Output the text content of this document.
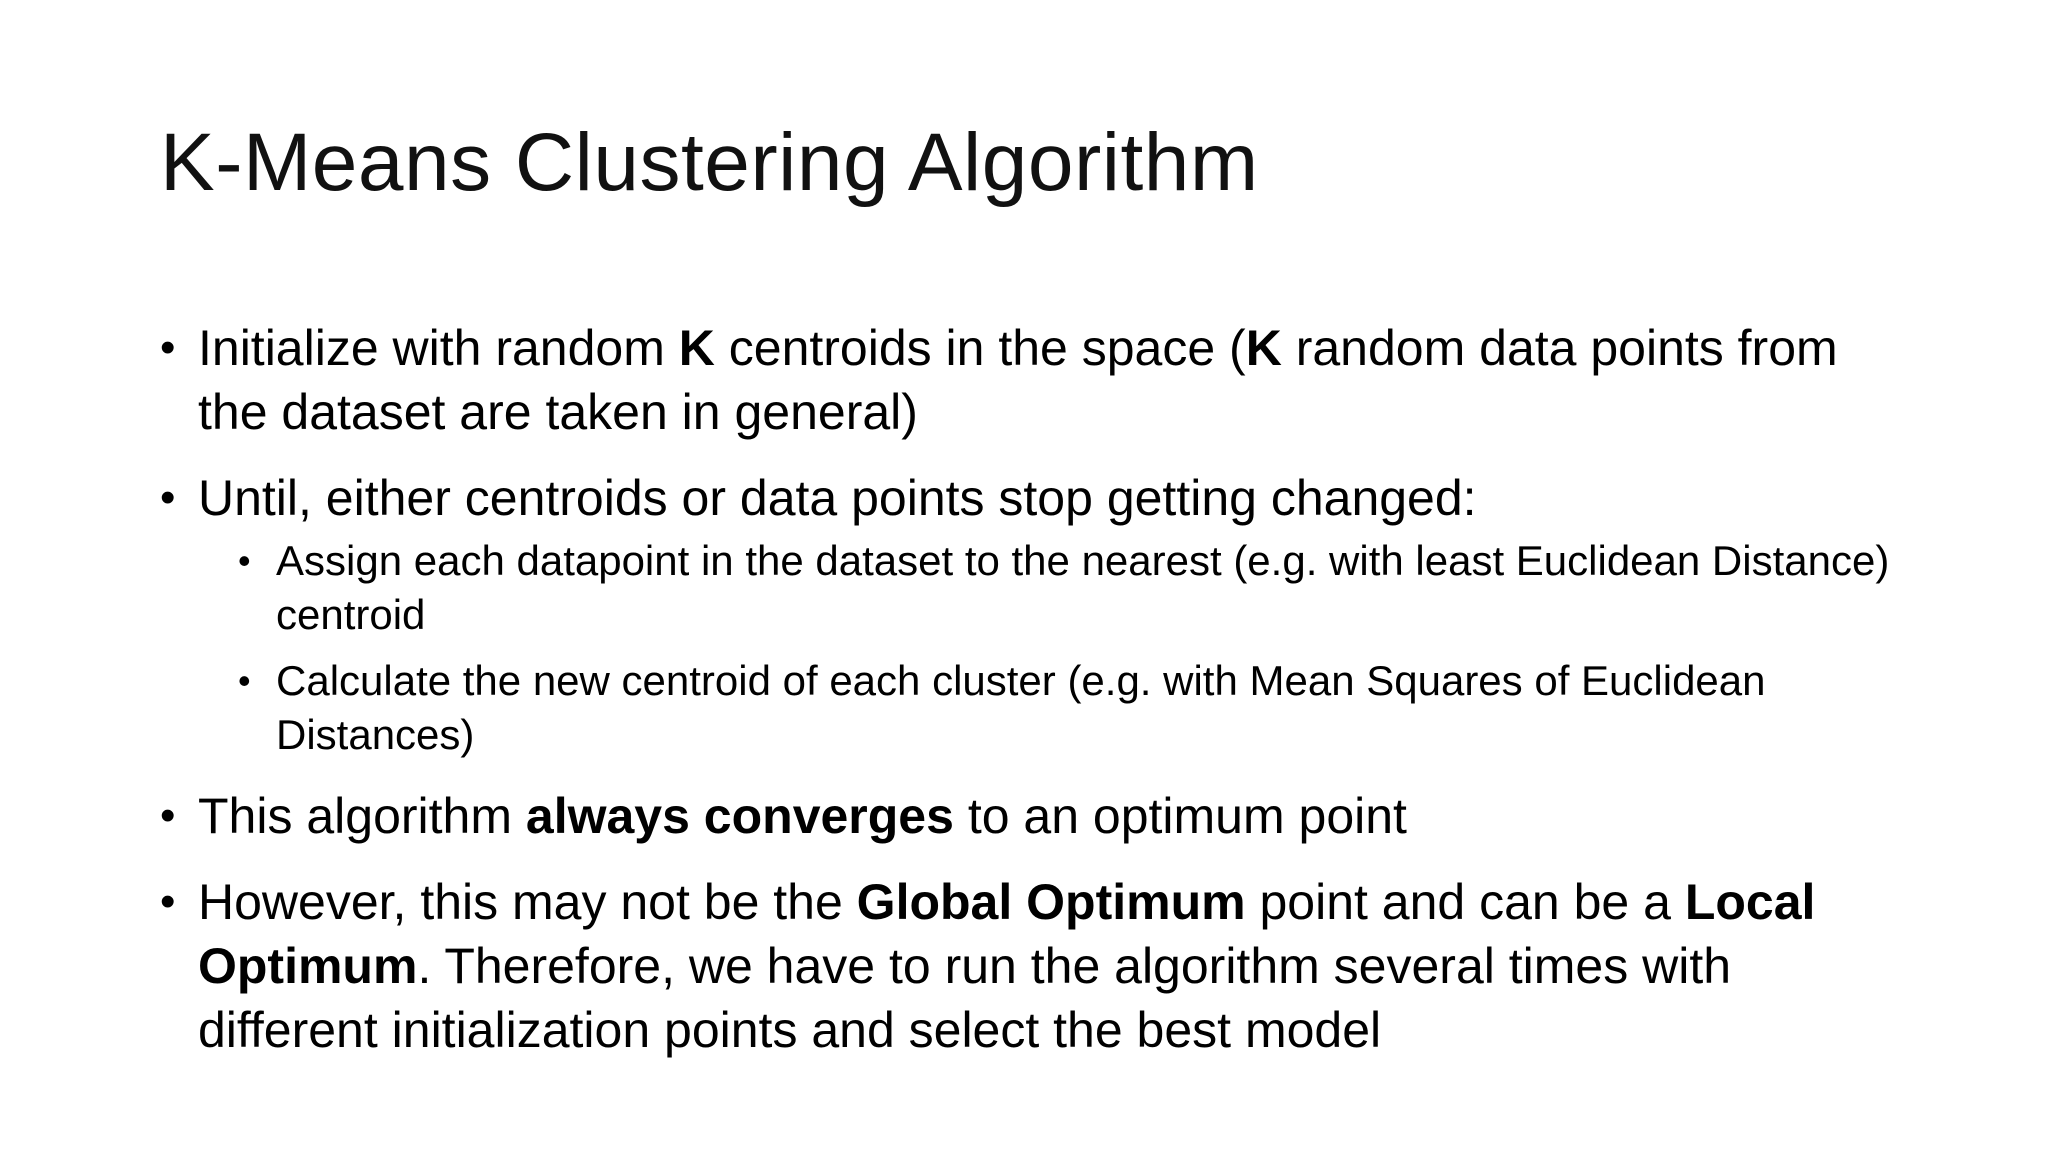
K-Means Clustering Algorithm
• Initialize with random K centroids in the space (K random data points from the dataset are taken in general)
• Until, either centroids or data points stop getting changed:
• Assign each datapoint in the dataset to the nearest (e.g. with least Euclidean Distance) centroid
• Calculate the new centroid of each cluster (e.g. with Mean Squares of Euclidean Distances)
• This algorithm always converges to an optimum point
• However, this may not be the Global Optimum point and can be a Local Optimum. Therefore, we have to run the algorithm several times with different initialization points and select the best model
